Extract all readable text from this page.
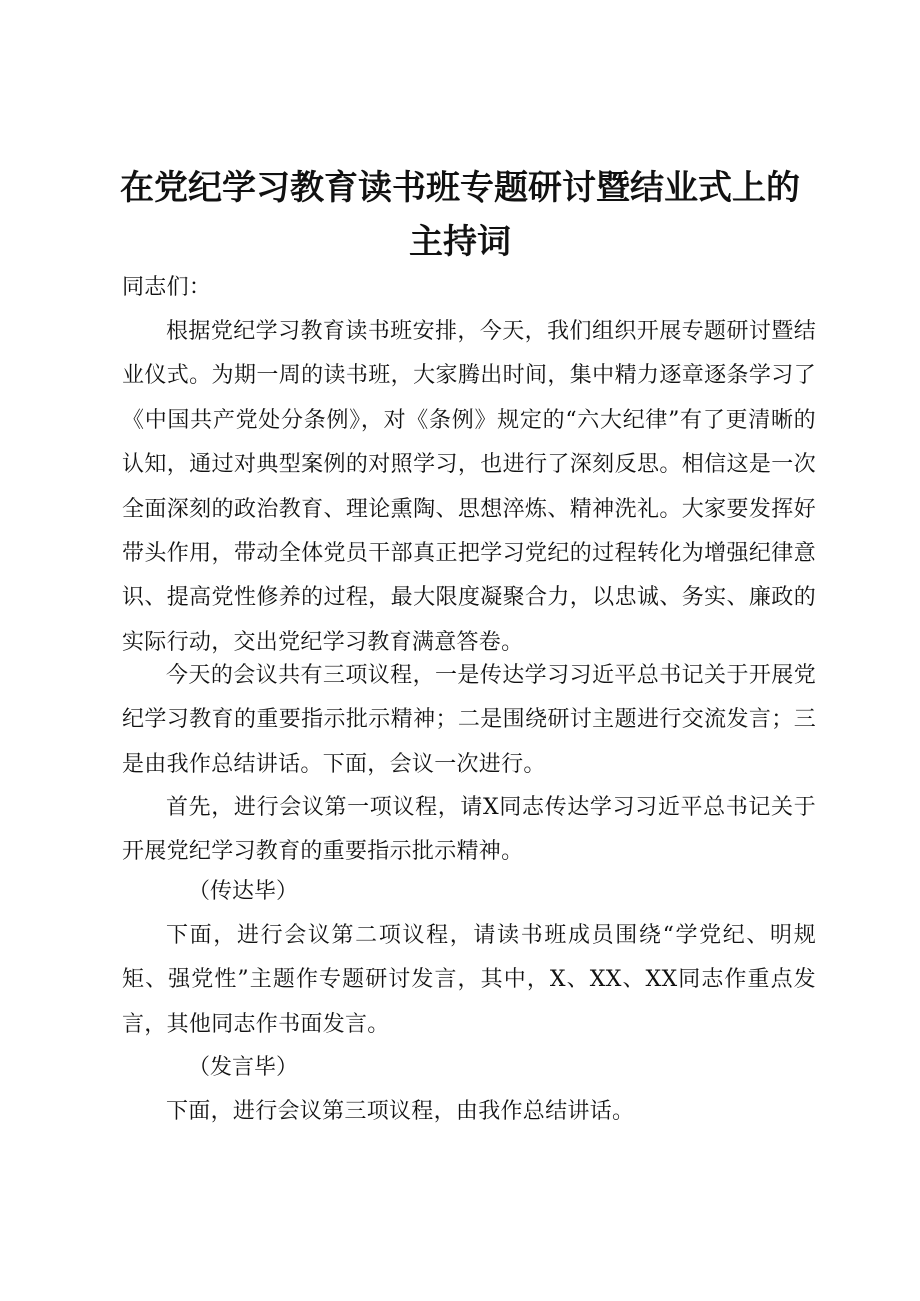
在党纪学习教育读书班专题研讨暨结业式上的
主持词
同志们：

根据党纪学习教育读书班安排，今天，我们组织开展专题研讨暨结业仪式。为期一周的读书班，大家腾出时间，集中精力逐章逐条学习了《中国共产党处分条例》，对《条例》规定的“六大纪律”有了更清晰的认知，通过对典型案例的对照学习，也进行了深刻反思。相信这是一次全面深刻的政治教育、理论熏陶、思想淬炼、精神洗礼。大家要发挥好带头作用，带动全体党员干部真正把学习党纪的过程转化为增强纪律意识、提高党性修养的过程，最大限度凝聚合力，以忠诚、务实、廉政的实际行动，交出党纪学习教育满意答卷。

今天的会议共有三项议程，一是传达学习习近平总书记关于开展党纪学习教育的重要指示批示精神；二是围绕研讨主题进行交流发言；三是由我作总结讲话。下面，会议一次进行。

首先，进行会议第一项议程，请X同志传达学习习近平总书记关于开展党纪学习教育的重要指示批示精神。

（传达毕）

下面，进行会议第二项议程，请读书班成员围绕“学党纪、明规矩、强党性”主题作专题研讨发言，其中，X、XX、XX同志作重点发言，其他同志作书面发言。

（发言毕）

下面，进行会议第三项议程，由我作总结讲话。
